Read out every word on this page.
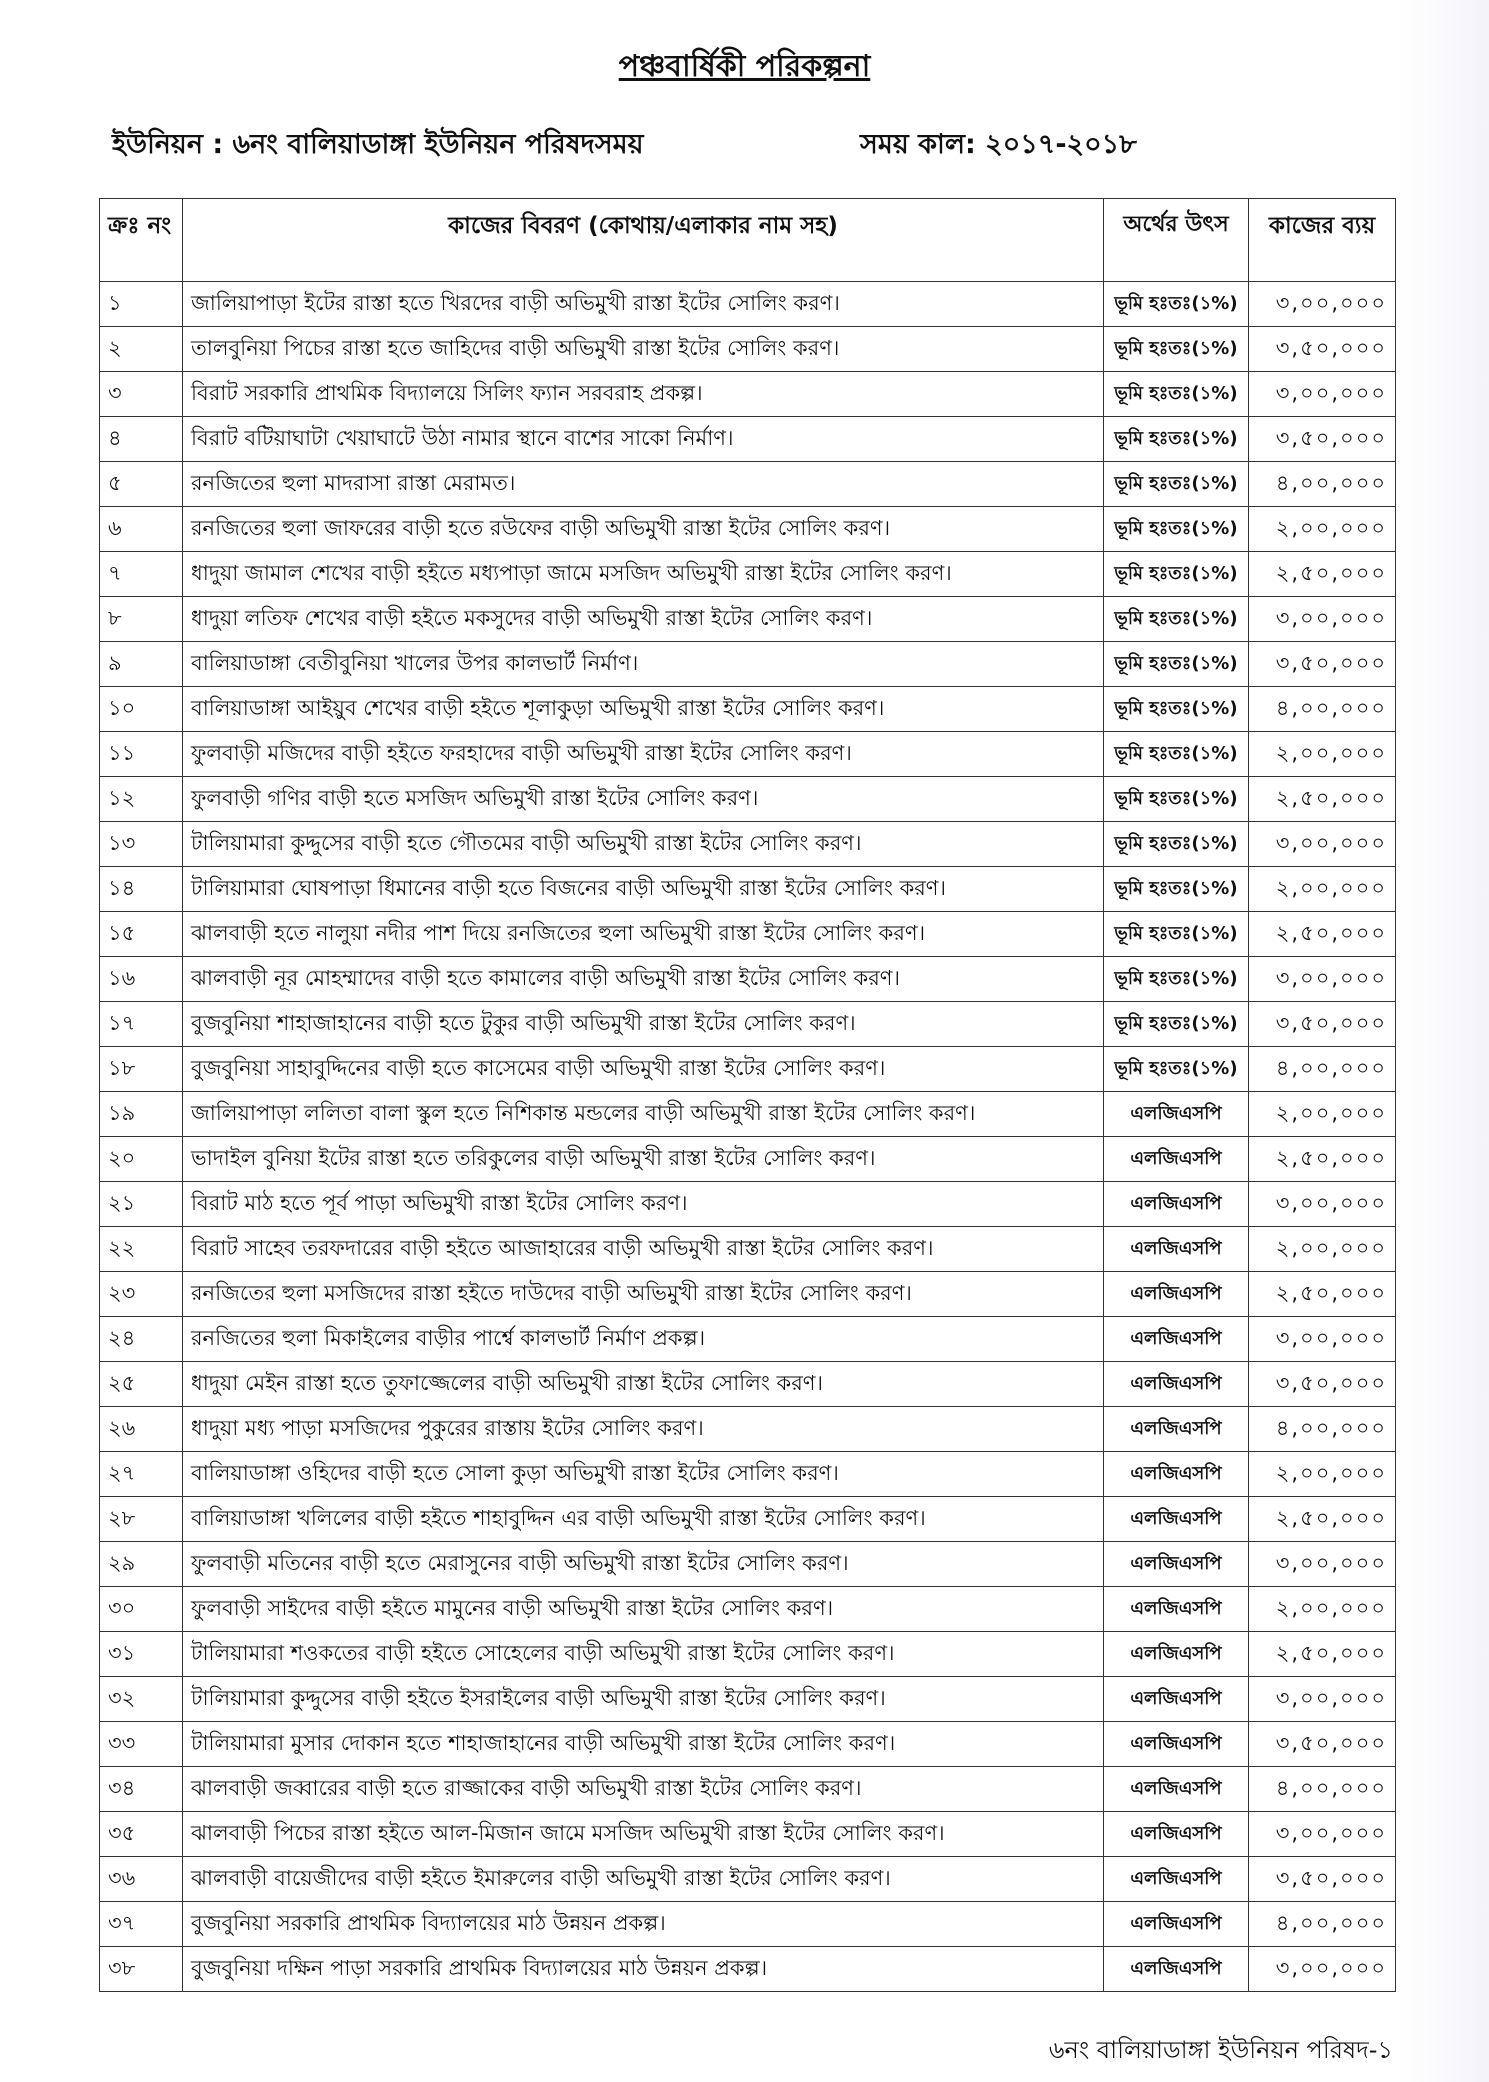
পঞ্চবার্ষিকী পরিকল্পনা
ইউনিয়ন : ৬নং বালিয়াডাঙ্গা ইউনিয়ন পরিষদসময়	সময় কাল: ২০১৭-২০১৮
ক্রঃ নং	কাজের বিবরণ (কোথায়/এলাকার নাম সহ)	অর্থের উৎস	কাজের ব্যয়
১	জালিয়াপাড়া ইটের রাস্তা হতে খিরদের বাড়ী অভিমুখী রাস্তা ইটের সোলিং করণ।	ভূমি হঃতঃ(১%)	৩,০০,০০০
২	তালবুনিয়া পিচের রাস্তা হতে জাহিদের বাড়ী অভিমুখী রাস্তা ইটের সোলিং করণ।	ভূমি হঃতঃ(১%)	৩,৫০,০০০
৩	বিরাট সরকারি প্রাথমিক বিদ্যালয়ে সিলিং ফ্যান সরবরাহ প্রকল্প।	ভূমি হঃতঃ(১%)	৩,০০,০০০
৪	বিরাট বটিয়াঘাটা খেয়াঘাটে উঠা নামার স্থানে বাশের সাকো নির্মাণ।	ভূমি হঃতঃ(১%)	৩,৫০,০০০
৫	রনজিতের হুলা মাদরাসা রাস্তা মেরামত।	ভূমি হঃতঃ(১%)	৪,০০,০০০
৬	রনজিতের হুলা জাফরের বাড়ী হতে রউফের বাড়ী অভিমুখী রাস্তা ইটের সোলিং করণ।	ভূমি হঃতঃ(১%)	২,০০,০০০
৭	ধাদুয়া জামাল শেখের বাড়ী হইতে মধ্যপাড়া জামে মসজিদ অভিমুখী রাস্তা ইটের সোলিং করণ।	ভূমি হঃতঃ(১%)	২,৫০,০০০
৮	ধাদুয়া লতিফ শেখের বাড়ী হইতে মকসুদের বাড়ী অভিমুখী রাস্তা ইটের সোলিং করণ।	ভূমি হঃতঃ(১%)	৩,০০,০০০
৯	বালিয়াডাঙ্গা বেতীবুনিয়া খালের উপর কালভার্ট নির্মাণ।	ভূমি হঃতঃ(১%)	৩,৫০,০০০
১০	বালিয়াডাঙ্গা আইয়ুব শেখের বাড়ী হইতে শূলাকুড়া অভিমুখী রাস্তা ইটের সোলিং করণ।	ভূমি হঃতঃ(১%)	৪,০০,০০০
১১	ফুলবাড়ী মজিদের বাড়ী হইতে ফরহাদের বাড়ী অভিমুখী রাস্তা ইটের সোলিং করণ।	ভূমি হঃতঃ(১%)	২,০০,০০০
১২	ফুলবাড়ী গণির বাড়ী হতে মসজিদ অভিমুখী রাস্তা ইটের সোলিং করণ।	ভূমি হঃতঃ(১%)	২,৫০,০০০
১৩	টালিয়ামারা কুদ্দুসের বাড়ী হতে গৌতমের বাড়ী অভিমুখী রাস্তা ইটের সোলিং করণ।	ভূমি হঃতঃ(১%)	৩,০০,০০০
১৪	টালিয়ামারা ঘোষপাড়া ধিমানের বাড়ী হতে বিজনের বাড়ী অভিমুখী রাস্তা ইটের সোলিং করণ।	ভূমি হঃতঃ(১%)	২,০০,০০০
১৫	ঝালবাড়ী হতে নালুয়া নদীর পাশ দিয়ে রনজিতের হুলা অভিমুখী রাস্তা ইটের সোলিং করণ।	ভূমি হঃতঃ(১%)	২,৫০,০০০
১৬	ঝালবাড়ী নূর মোহম্মাদের বাড়ী হতে কামালের বাড়ী অভিমুখী রাস্তা ইটের সোলিং করণ।	ভূমি হঃতঃ(১%)	৩,০০,০০০
১৭	বুজবুনিয়া শাহাজাহানের বাড়ী হতে টুকুর বাড়ী অভিমুখী রাস্তা ইটের সোলিং করণ।	ভূমি হঃতঃ(১%)	৩,৫০,০০০
১৮	বুজবুনিয়া সাহাবুদ্দিনের বাড়ী হতে কাসেমের বাড়ী অভিমুখী রাস্তা ইটের সোলিং করণ।	ভূমি হঃতঃ(১%)	৪,০০,০০০
১৯	জালিয়াপাড়া ললিতা বালা স্কুল হতে নিশিকান্ত মন্ডলের বাড়ী অভিমুখী রাস্তা ইটের সোলিং করণ।	এলজিএসপি	২,০০,০০০
২০	ভাদাইল বুনিয়া ইটের রাস্তা হতে তরিকুলের বাড়ী অভিমুখী রাস্তা ইটের সোলিং করণ।	এলজিএসপি	২,৫০,০০০
২১	বিরাট মাঠ হতে পূর্ব পাড়া অভিমুখী রাস্তা ইটের সোলিং করণ।	এলজিএসপি	৩,০০,০০০
২২	বিরাট সাহেব তরফদারের বাড়ী হইতে আজাহারের বাড়ী অভিমুখী রাস্তা ইটের সোলিং করণ।	এলজিএসপি	২,০০,০০০
২৩	রনজিতের হুলা মসজিদের রাস্তা হইতে দাউদের বাড়ী অভিমুখী রাস্তা ইটের সোলিং করণ।	এলজিএসপি	২,৫০,০০০
২৪	রনজিতের হুলা মিকাইলের বাড়ীর পার্শ্বে কালভার্ট নির্মাণ প্রকল্প।	এলজিএসপি	৩,০০,০০০
২৫	ধাদুয়া মেইন রাস্তা হতে তুফাজ্জেলের বাড়ী অভিমুখী রাস্তা ইটের সোলিং করণ।	এলজিএসপি	৩,৫০,০০০
২৬	ধাদুয়া মধ্য পাড়া মসজিদের পুকুরের রাস্তায় ইটের সোলিং করণ।	এলজিএসপি	৪,০০,০০০
২৭	বালিয়াডাঙ্গা ওহিদের বাড়ী হতে সোলা কুড়া অভিমুখী রাস্তা ইটের সোলিং করণ।	এলজিএসপি	২,০০,০০০
২৮	বালিয়াডাঙ্গা খলিলের বাড়ী হইতে শাহাবুদ্দিন এর বাড়ী অভিমুখী রাস্তা ইটের সোলিং করণ।	এলজিএসপি	২,৫০,০০০
২৯	ফুলবাড়ী মতিনের বাড়ী হতে মেরাসুনের বাড়ী অভিমুখী রাস্তা ইটের সোলিং করণ।	এলজিএসপি	৩,০০,০০০
৩০	ফুলবাড়ী সাইদের বাড়ী হইতে মামুনের বাড়ী অভিমুখী রাস্তা ইটের সোলিং করণ।	এলজিএসপি	২,০০,০০০
৩১	টালিয়ামারা শওকতের বাড়ী হইতে সোহেলের বাড়ী অভিমুখী রাস্তা ইটের সোলিং করণ।	এলজিএসপি	২,৫০,০০০
৩২	টালিয়ামারা কুদ্দুসের বাড়ী হইতে ইসরাইলের বাড়ী অভিমুখী রাস্তা ইটের সোলিং করণ।	এলজিএসপি	৩,০০,০০০
৩৩	টালিয়ামারা মুসার দোকান হতে শাহাজাহানের বাড়ী অভিমুখী রাস্তা ইটের সোলিং করণ।	এলজিএসপি	৩,৫০,০০০
৩৪	ঝালবাড়ী জব্বারের বাড়ী হতে রাজ্জাকের বাড়ী অভিমুখী রাস্তা ইটের সোলিং করণ।	এলজিএসপি	৪,০০,০০০
৩৫	ঝালবাড়ী পিচের রাস্তা হইতে আল-মিজান জামে মসজিদ অভিমুখী রাস্তা ইটের সোলিং করণ।	এলজিএসপি	৩,০০,০০০
৩৬	ঝালবাড়ী বায়েজীদের বাড়ী হইতে ইমারুলের বাড়ী অভিমুখী রাস্তা ইটের সোলিং করণ।	এলজিএসপি	৩,৫০,০০০
৩৭	বুজবুনিয়া সরকারি প্রাথমিক বিদ্যালয়ের মাঠ উন্নয়ন প্রকল্প।	এলজিএসপি	৪,০০,০০০
৩৮	বুজবুনিয়া দক্ষিন পাড়া সরকারি প্রাথমিক বিদ্যালয়ের মাঠ উন্নয়ন প্রকল্প।	এলজিএসপি	৩,০০,০০০
৬নং বালিয়াডাঙ্গা ইউনিয়ন পরিষদ-১
